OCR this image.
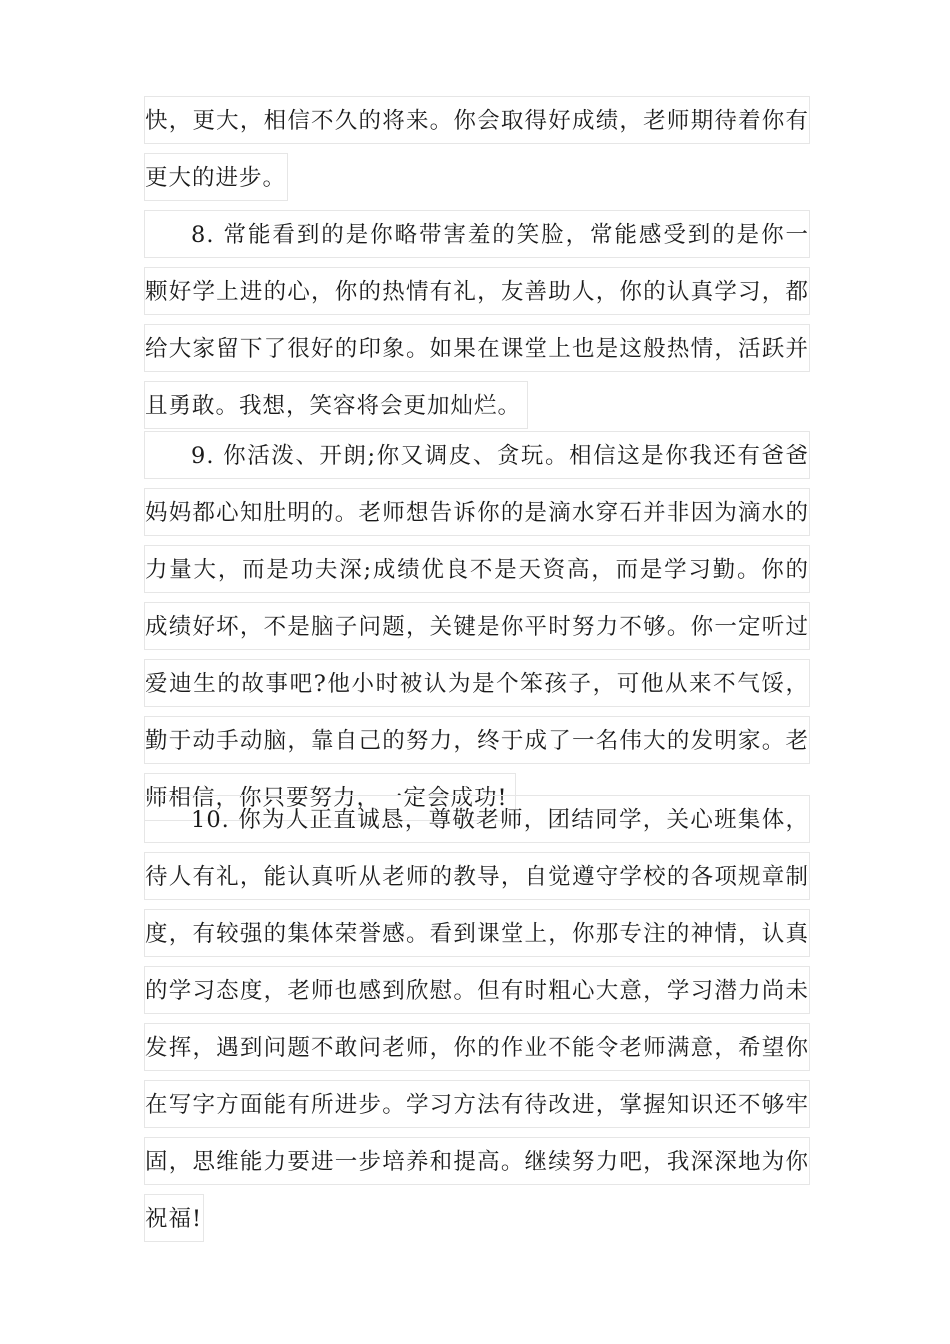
快，更大，相信不久的将来。你会取得好成绩，老师期待着你有
更大的进步。
8. 常能看到的是你略带害羞的笑脸，常能感受到的是你一
颗好学上进的心，你的热情有礼，友善助人，你的认真学习，都
给大家留下了很好的印象。如果在课堂上也是这般热情，活跃并
且勇敢。我想，笑容将会更加灿烂。
9. 你活泼、开朗;你又调皮、贪玩。相信这是你我还有爸爸
妈妈都心知肚明的。老师想告诉你的是滴水穿石并非因为滴水的
力量大，而是功夫深;成绩优良不是天资高，而是学习勤。你的
成绩好坏，不是脑子问题，关键是你平时努力不够。你一定听过
爱迪生的故事吧?他小时被认为是个笨孩子，可他从来不气馁，
勤于动手动脑，靠自己的努力，终于成了一名伟大的发明家。老
师相信，你只要努力，一定会成功!
10. 你为人正直诚恳，尊敬老师，团结同学，关心班集体，
待人有礼，能认真听从老师的教导，自觉遵守学校的各项规章制
度，有较强的集体荣誉感。看到课堂上，你那专注的神情，认真
的学习态度，老师也感到欣慰。但有时粗心大意，学习潜力尚未
发挥，遇到问题不敢问老师，你的作业不能令老师满意，希望你
在写字方面能有所进步。学习方法有待改进，掌握知识还不够牢
固，思维能力要进一步培养和提高。继续努力吧，我深深地为你
祝福!
